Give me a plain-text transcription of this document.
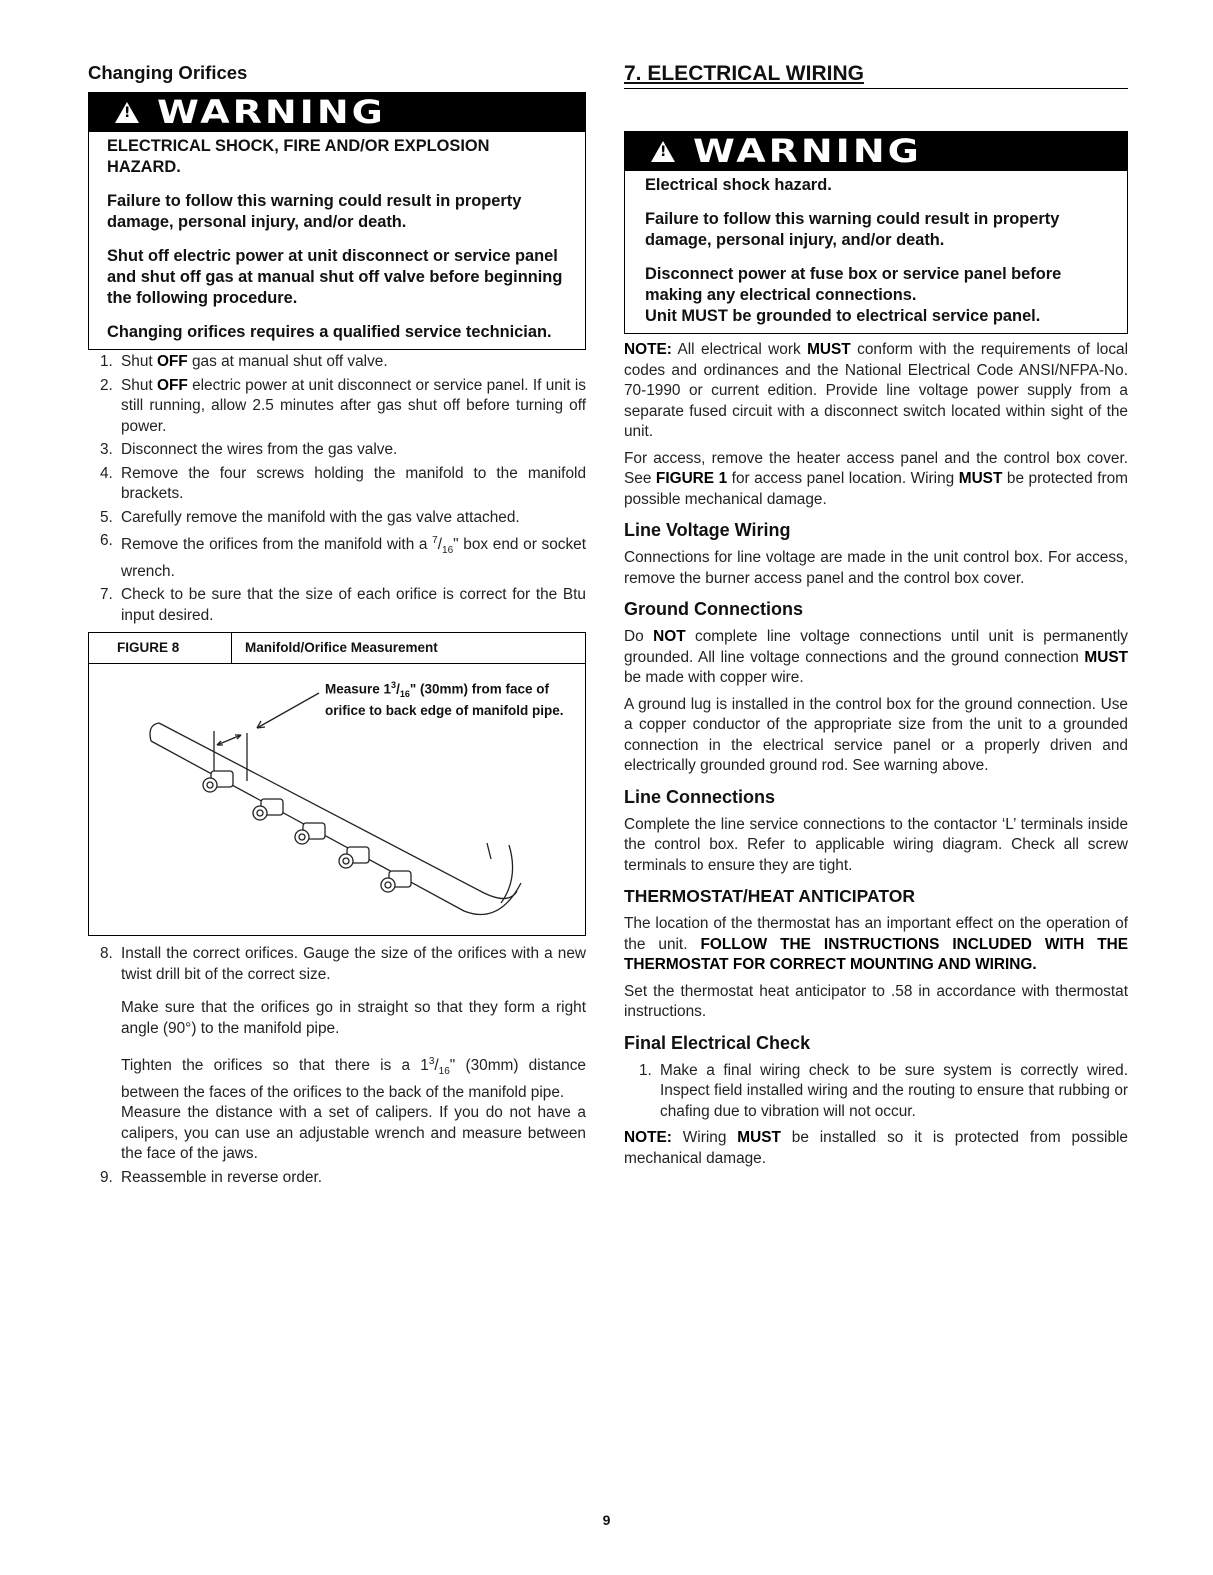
Changing Orifices
! WARNING

ELECTRICAL SHOCK, FIRE AND/OR EXPLOSION HAZARD.

Failure to follow this warning could result in property damage, personal injury, and/or death.

Shut off electric power at unit disconnect or service panel and shut off gas at manual shut off valve before beginning the following procedure.

Changing orifices requires a qualified service technician.

1. Shut OFF gas at manual shut off valve.
2. Shut OFF electric power at unit disconnect or service panel. If unit is still running, allow 2.5 minutes after gas shut off before turning off power.
3. Disconnect the wires from the gas valve.
4. Remove the four screws holding the manifold to the manifold brackets.
5. Carefully remove the manifold with the gas valve attached.
6. Remove the orifices from the manifold with a $^7/_{16}$" box end or socket wrench.
7. Check to be sure that the size of each orifice is correct for the Btu input desired.
FIGURE 8	Manifold/Orifice Measurement
Measure $1^3/_{16}$" (30mm) from face of orifice to back edge of manifold pipe.
8. Install the correct orifices. Gauge the size of the orifices with a new twist drill bit of the correct size.
Make sure that the orifices go in straight so that they form a right angle (90°) to the manifold pipe.
Tighten the orifices so that there is a $1^3/_{16}$" (30mm) distance between the faces of the orifices to the back of the manifold pipe.
Measure the distance with a set of calipers. If you do not have a calipers, you can use an adjustable wrench and measure between the face of the jaws.
9. Reassemble in reverse order.
7. ELECTRICAL WIRING
! WARNING

Electrical shock hazard.

Failure to follow this warning could result in property damage, personal injury, and/or death.

Disconnect power at fuse box or service panel before making any electrical connections.

Unit MUST be grounded to electrical service panel.

NOTE: All electrical work MUST conform with the requirements of local codes and ordinances and the National Electrical Code ANSI/NFPA-No. 70-1990 or current edition. Provide line voltage power supply from a separate fused circuit with a disconnect switch located within sight of the unit.

For access, remove the heater access panel and the control box cover. See FIGURE 1 for access panel location. Wiring MUST be protected from possible mechanical damage.

Line Voltage Wiring

Connections for line voltage are made in the unit control box. For access, remove the burner access panel and the control box cover.

Ground Connections

Do NOT complete line voltage connections until unit is permanently grounded. All line voltage connections and the ground connection MUST be made with copper wire.

A ground lug is installed in the control box for the ground connection. Use a copper conductor of the appropriate size from the unit to a grounded connection in the electrical service panel or a properly driven and electrically grounded ground rod. See warning above.

Line Connections

Complete the line service connections to the contactor ‘L’ terminals inside the control box. Refer to applicable wiring diagram. Check all screw terminals to ensure they are tight.

THERMOSTAT/HEAT ANTICIPATOR

The location of the thermostat has an important effect on the operation of the unit. FOLLOW THE INSTRUCTIONS INCLUDED WITH THE THERMOSTAT FOR CORRECT MOUNTING AND WIRING.

Set the thermostat heat anticipator to .58 in accordance with thermostat instructions.

Final Electrical Check
1. Make a final wiring check to be sure system is correctly wired. Inspect field installed wiring and the routing to ensure that rubbing or chafing due to vibration will not occur.

NOTE: Wiring MUST be installed so it is protected from possible mechanical damage.

9
